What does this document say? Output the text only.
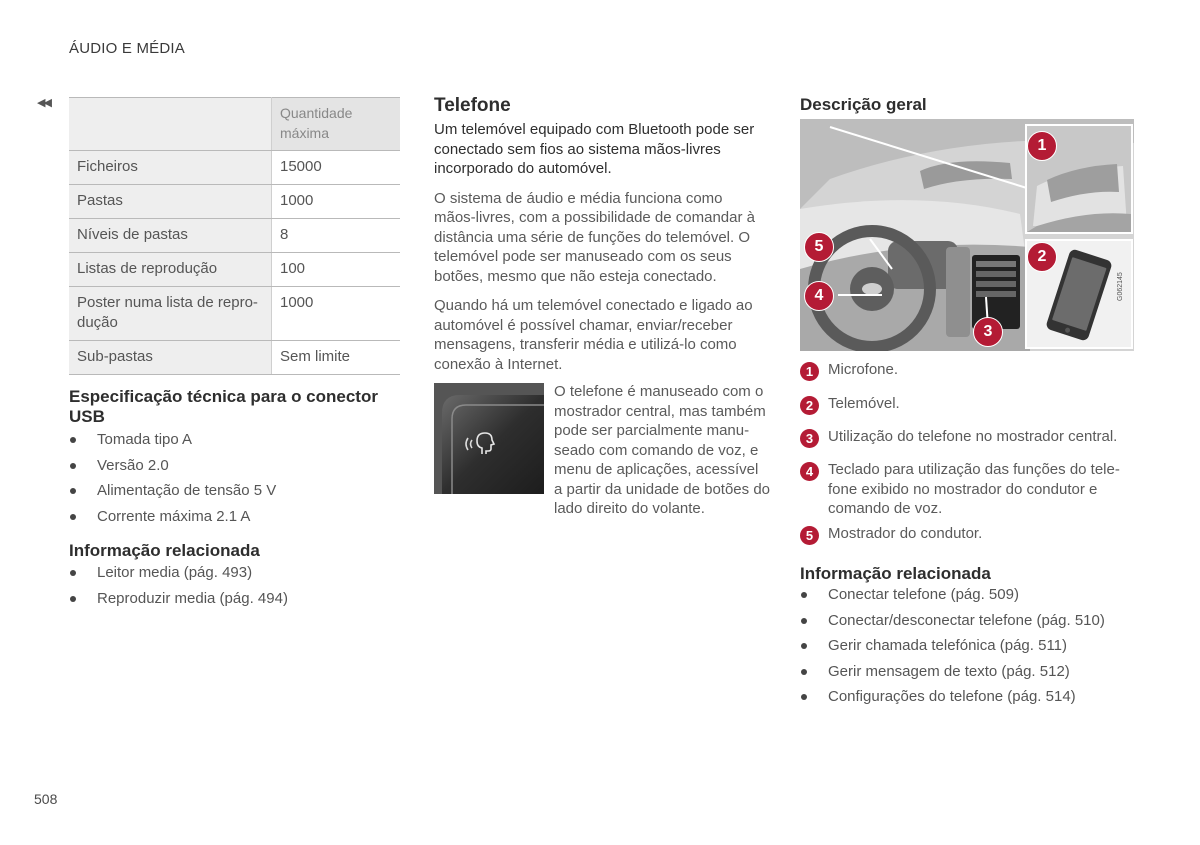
ÁUDIO E MÉDIA
◀◀
508
	Quantidade máxima
Ficheiros	15000
Pastas	1000
Níveis de pastas	8
Listas de reprodução	100
Poster numa lista de repro-dução	1000
Sub-pastas	Sem limite
Especificação técnica para o conector USB
Tomada tipo A
Versão 2.0
Alimentação de tensão 5 V
Corrente máxima 2.1 A
Informação relacionada
Leitor media (pág. 493)
Reproduzir media (pág. 494)
Telefone

Um telemóvel equipado com Bluetooth pode ser conectado sem fios ao sistema mãos-livres incorporado do automóvel.

O sistema de áudio e média funciona como mãos-livres, com a possibilidade de comandar à distância uma série de funções do telemóvel. O telemóvel pode ser manuseado com os seus botões, mesmo que não esteja conectado.

Quando há um telemóvel conectado e ligado ao automóvel é possível chamar, enviar/receber mensagens, transferir média e utilizá-lo como conexão à Internet.

O telefone é manuseado com o mostrador central, mas também pode ser parcialmente manu-seado com comando de voz, e menu de aplicações, acessível a partir da unidade de botões do lado direito do volante.
Descrição geral
G062145
1
2
3
4
5
1 Microfone.
2 Telemóvel.
3 Utilização do telefone no mostrador central.
4 Teclado para utilização das funções do tele-fone exibido no mostrador do condutor e comando de voz.
5 Mostrador do condutor.
Informação relacionada
Conectar telefone (pág. 509)
Conectar/desconectar telefone (pág. 510)
Gerir chamada telefónica (pág. 511)
Gerir mensagem de texto (pág. 512)
Configurações do telefone (pág. 514)
